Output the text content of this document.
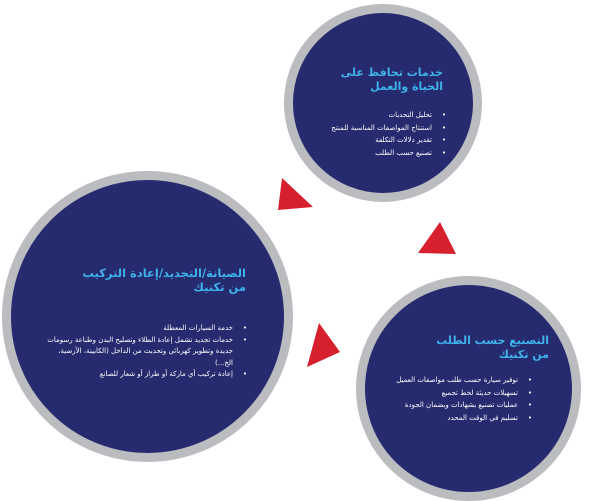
خدمات تحافظ على
الحياة والعمل
• تحليل التحديات
• استنتاج المواصفات المناسبة للمنتج
• تقدير دلالات التكلفة
• تصنيع حسب الطلب
الصيانة/التجديد/إعادة التركيب
من تكنيك
• خدمة السيارات المعطلة
• خدمات تجديد تشمل إعادة الطلاء وتصليح البدن وطباعة رسومات جديدة وتطوير كهربائي وتحديث من الداخل (الكابينة، الأرضية، الخ...)
• إعادة تركيب أي ماركة أو طراز أو شعار للصانع
التصنيع حسب الطلب
من تكنيك
• توفير سيارة حسب طلب مواصفات العميل
• تسهيلات حديثة لخط تجميع
• عمليات تصنيع بشهادات وبضمان الجودة
• تسليم في الوقت المحدد
